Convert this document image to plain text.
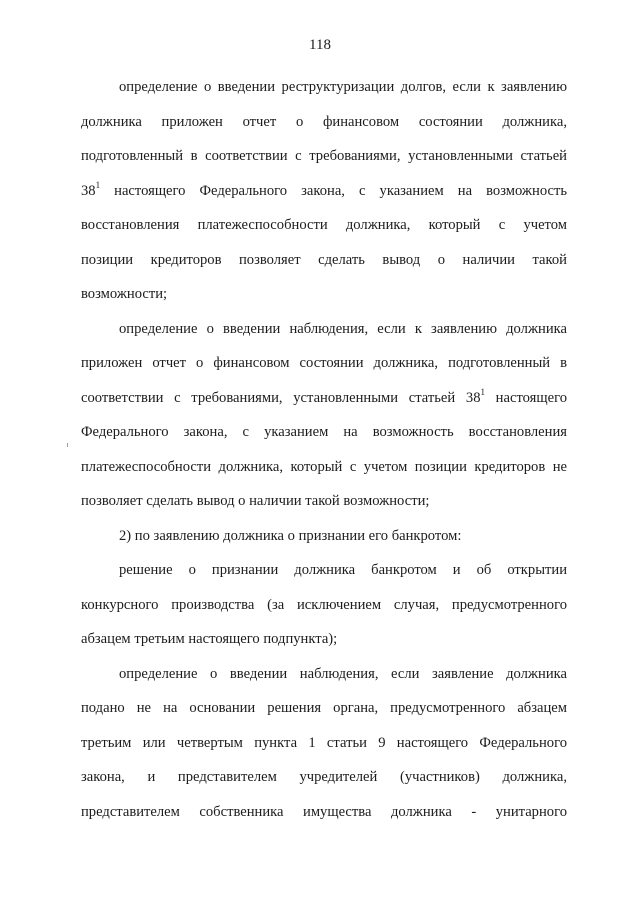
118

определение о введении реструктуризации долгов, если к заявлению
должника приложен отчет о финансовом состоянии должника,
подготовленный в соответствии с требованиями, установленными статьей
$38^1$ настоящего Федерального закона, с указанием на возможность
восстановления платежеспособности должника, который с учетом
позиции кредиторов позволяет сделать вывод о наличии такой
возможности;

определение о введении наблюдения, если к заявлению должника
приложен отчет о финансовом состоянии должника, подготовленный в
соответствии с требованиями, установленными статьей $38^1$ настоящего
Федерального закона, с указанием на возможность восстановления
платежеспособности должника, который с учетом позиции кредиторов не
позволяет сделать вывод о наличии такой возможности;

2) по заявлению должника о признании его банкротом:

решение о признании должника банкротом и об открытии
конкурсного производства (за исключением случая, предусмотренного
абзацем третьим настоящего подпункта);

определение о введении наблюдения, если заявление должника
подано не на основании решения органа, предусмотренного абзацем
третьим или четвертым пункта 1 статьи 9 настоящего Федерального
закона, и представителем учредителей (участников) должника,
представителем собственника имущества должника - унитарного
